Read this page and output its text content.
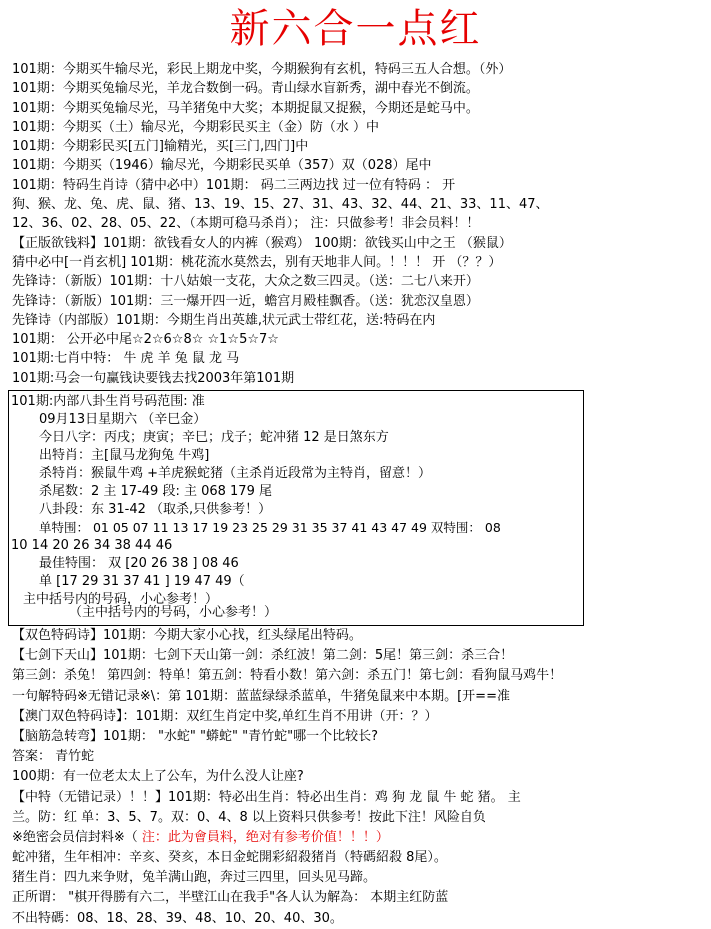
新六合一点红
101期：今期买牛输尽光，彩民上期龙中奖，今期猴狗有玄机，特码三五人合想。（外）
101期：今期买兔输尽光，羊龙合数倒一码。青山绿水盲新秀，湖中春光不倒流。
101期：今期买兔输尽光，马羊猪兔中大奖；本期捉鼠又捉猴，今期还是蛇马中。
101期：今期买（土）输尽光，今期彩民买主（金）防（水 ）中
101期：今期彩民买[五门]输精光，买[三门,四门]中
101期：今期买（1946）输尽光，今期彩民买单（357）双（028）尾中
101期：特码生肖诗（猜中必中）101期： 码二三两边找 过一位有特码 ： 开
狗、猴、龙、兔、虎、鼠、猪、13、19、15、27、31、43、32、44、21、33、11、47、
12、36、02、28、05、22、（本期可稳马杀肖）； 注：只做参考！非会员料！！
【正版欲钱料】101期：欲钱看女人的内裤（猴鸡） 100期：欲钱买山中之王 （猴鼠）
猜中必中[一肖玄机] 101期：桃花流水莫然去，别有天地非人间。！！！ 开 （？？）
先锋诗：（新版）101期：十八姑娘一支花，大众之数三四灵。（送：二七八来开）
先锋诗：（新版）101期：三一爆开四一近，蟾宫月殿桂飘香。（送：犹恋汉皇恩）
先锋诗（内部版）101期：今期生肖出英雄,状元武士带红花，送:特码在内
101期： 公开必中尾☆2☆6☆8☆ ☆1☆5☆7☆
101期:七肖中特： 牛 虎 羊 兔 鼠 龙 马
101期:马会一句赢钱诀要钱去找2003年第101期
101期:内部八卦生肖号码范围: 准
09月13日星期六 （辛巳金）
今日八字：丙戌；庚寅；辛巳；戊子；蛇冲猪 12 是日煞东方
出特肖：主[鼠马龙狗兔 牛鸡]
杀特肖：猴鼠牛鸡 +羊虎猴蛇猪（主杀肖近段常为主特肖，留意！）
杀尾数：2 主 17-49 段: 主 068 179 尾
八卦段：东 31-42 （取杀,只供参考！）
单特围： 01 05 07 11 13 17 19 23 25 29 31 35 37 41 43 47 49 双特围： 08
10 14 20 26 34 38 44 46
最佳特围： 双 [20 26 38 ] 08 46
单 [17 29 31 37 41 ] 19 47 49（
主中括号内的号码，小心参考！）
（主中括号内的号码，小心参考！）
【双色特码诗】101期：今期大家小心找，红头绿尾出特码。
【七剑下天山】101期：七剑下天山第一剑：杀红波！第二剑：5尾！第三剑：杀三合！
第三剑：杀兔！ 第四剑：特单！第五剑：特看小数！第六剑：杀五门！第七剑：看狗鼠马鸡牛！
一句解特码※无错记录※\：第 101期：蓝蓝绿绿杀蓝单，牛猪兔鼠来中本期。[开==准
【澳门双色特码诗】：101期：双红生肖定中奖,单红生肖不用讲（开：？）
【脑筋急转弯】101期： "水蛇" "蟒蛇" "青竹蛇"哪一个比较长?
答案： 青竹蛇
100期：有一位老太太上了公车，为什么没人让座?
【中特（无错记录）！！】101期：特必出生肖：特必出生肖：鸡 狗 龙 鼠 牛 蛇 猪。 主
兰。防：红 单：3、5、7。双：0、4、8 以上资料只供参考！按此下注！风险自负
※绝密会员信封料※（ 注：此为會員料，绝对有参考价值！！！）
蛇冲猪，生年相冲：辛亥、癸亥，本日金蛇開彩紹殺猪肖（特碼紹殺 8尾）。
猪生肖：四九来争财，兔羊满山跑，奔过三四里，回头见马蹄。
正所谓： "棋开得勝有六二，半壁江山在我手"各人认为解為： 本期主红防蓝
不出特碼：08、18、28、39、48、10、20、40、30。
